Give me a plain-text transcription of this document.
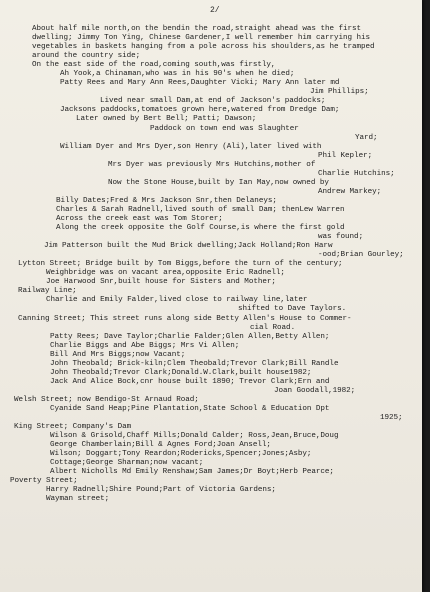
2/
About half mile north,on the bendin the road,straight ahead was the first
dwelling; Jimmy Ton Ying, Chinese Gardener,I well remember him carrying his
vegetables in baskets hanging from a pole across his shoulders,as he tramped
around the country side;
On the east side of the road,coming south,was firstly,
Ah Yook,a Chinaman,who was in his 90's when he died;
Patty Rees and Mary Ann Rees,Daughter Vicki; Mary Ann later md
Jim Phillips;
Lived near small Dam,at end of Jackson's paddocks;
Jacksons paddocks,tomatoes grown here,watered from Dredge Dam;
Later owned by Bert Bell; Patti; Dawson;
Paddock on town end was Slaughter
Yard;
William Dyer and Mrs Dyer,son Henry (Ali),later lived with
Phil Kepler;
Mrs Dyer was previously Mrs Hutchins,mother of
Charlie Hutchins;
Now the Stone House,built by Ian May,now owned by
Andrew Markey;
Billy Dates;Fred & Mrs Jackson Snr,then Delaneys;
Charles & Sarah Radnell,lived south of small Dam; thenLew Warren
Across the creek east was Tom Storer;
Along the creek opposite the Golf Course,is where the first gold
was found;
Jim Patterson built the Mud Brick dwelling;Jack Holland;Ron Harw
-ood;Brian Gourley;
Lytton Street; Bridge built by Tom Biggs,before the turn of the century;
Weighbridge was on vacant area,opposite Eric Radnell;
Joe Harwood Snr,built house for Sisters and Mother;
Railway Line;
Charlie and Emily Falder,lived close to railway line,later
shifted to Dave Taylors.
Canning Street; This street runs along side Betty Allen's House to Commer-
cial Road.
Patty Rees; Dave Taylor;Charlie Falder;Glen Allen,Betty Allen;
Charlie Biggs and Abe Biggs; Mrs Vi Allen;
Bill And Mrs Biggs;now Vacant;
John Theobald; Brick-kiln;Clem Theobald;Trevor Clark;Bill Randle
John Theobald;Trevor Clark;Donald.W.Clark,built house1982;
Jack And Alice Bock,cnr house built 1890; Trevor Clark;Ern and
Joan Goodall,1982;
Welsh Street; now Bendigo-St Arnaud Road;
Cyanide Sand Heap;Pine Plantation,State School & Education Dpt
1925;
King Street; Company's Dam
Wilson & Grisold,Chaff Mills;Donald Calder; Ross,Jean,Bruce,Doug
George Chamberlain;Bill & Agnes Ford;Joan Ansell;
Wilson; Doggart;Tony Reardon;Rodericks,Spencer;Jones;Asby;
Cottage;George Sharman;now vacant;
Albert Nicholls Md Emily Renshaw;Sam James;Dr Boyt;Herb Pearce;
Poverty Street;
Harry Radnell;Shire Pound;Part of Victoria Gardens;
Wayman street;
